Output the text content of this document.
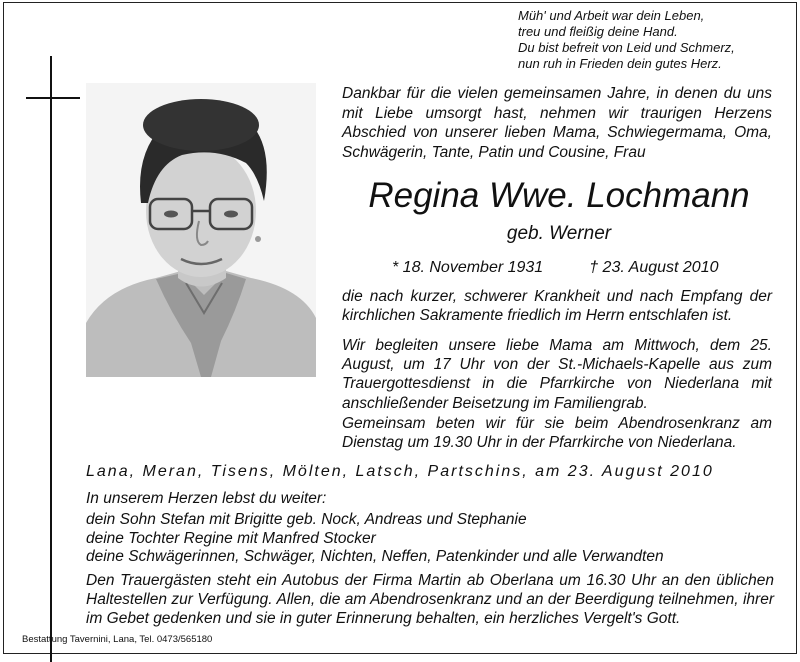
Müh' und Arbeit war dein Leben,
treu und fleißig deine Hand.
Du bist befreit von Leid und Schmerz,
nun ruh in Frieden dein gutes Herz.
Dankbar für die vielen gemeinsamen Jahre, in denen du uns mit Liebe umsorgt hast, nehmen wir traurigen Herzens Abschied von unserer lieben Mama, Schwiegermama, Oma, Schwägerin, Tante, Patin und Cousine, Frau
Regina Wwe. Lochmann
geb. Werner
* 18. November 1931	† 23. August 2010
die nach kurzer, schwerer Krankheit und nach Empfang der kirchlichen Sakramente friedlich im Herrn entschlafen ist.
Wir begleiten unsere liebe Mama am Mittwoch, dem 25. August, um 17 Uhr von der St.-Michaels-Kapelle aus zum Trauergottesdienst in die Pfarrkirche von Niederlana mit anschließender Beisetzung im Familiengrab.
Gemeinsam beten wir für sie beim Abendrosenkranz am Dienstag um 19.30 Uhr in der Pfarrkirche von Niederlana.
Lana, Meran, Tisens, Mölten, Latsch, Partschins, am 23. August 2010
In unserem Herzen lebst du weiter:
dein Sohn Stefan mit Brigitte geb. Nock, Andreas und Stephanie
deine Tochter Regine mit Manfred Stocker
deine Schwägerinnen, Schwäger, Nichten, Neffen, Patenkinder und alle Verwandten
Den Trauergästen steht ein Autobus der Firma Martin ab Oberlana um 16.30 Uhr an den üblichen Haltestellen zur Verfügung. Allen, die am Abendrosenkranz und an der Beerdigung teilnehmen, ihrer im Gebet gedenken und sie in guter Erinnerung behalten, ein herzliches Vergelt's Gott.
Bestattung Tavernini, Lana, Tel. 0473/565180
